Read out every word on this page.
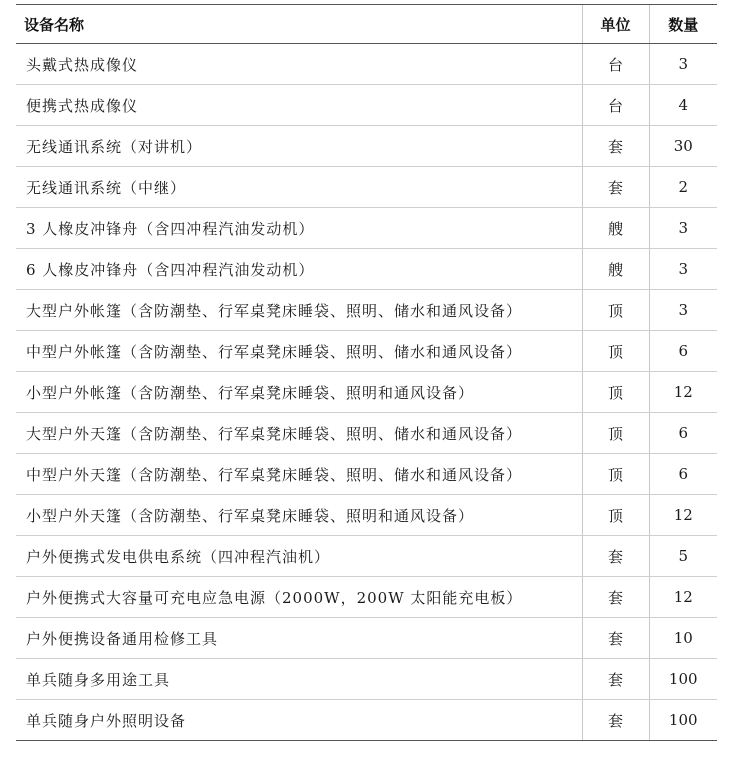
设备名称	单位	数量
头戴式热成像仪	台	3
便携式热成像仪	台	4
无线通讯系统（对讲机）	套	30
无线通讯系统（中继）	套	2
3 人橡皮冲锋舟（含四冲程汽油发动机）	艘	3
6 人橡皮冲锋舟（含四冲程汽油发动机）	艘	3
大型户外帐篷（含防潮垫、行军桌凳床睡袋、照明、储水和通风设备）	顶	3
中型户外帐篷（含防潮垫、行军桌凳床睡袋、照明、储水和通风设备）	顶	6
小型户外帐篷（含防潮垫、行军桌凳床睡袋、照明和通风设备）	顶	12
大型户外天篷（含防潮垫、行军桌凳床睡袋、照明、储水和通风设备）	顶	6
中型户外天篷（含防潮垫、行军桌凳床睡袋、照明、储水和通风设备）	顶	6
小型户外天篷（含防潮垫、行军桌凳床睡袋、照明和通风设备）	顶	12
户外便携式发电供电系统（四冲程汽油机）	套	5
户外便携式大容量可充电应急电源（2000W，200W 太阳能充电板）	套	12
户外便携设备通用检修工具	套	10
单兵随身多用途工具	套	100
单兵随身户外照明设备	套	100
